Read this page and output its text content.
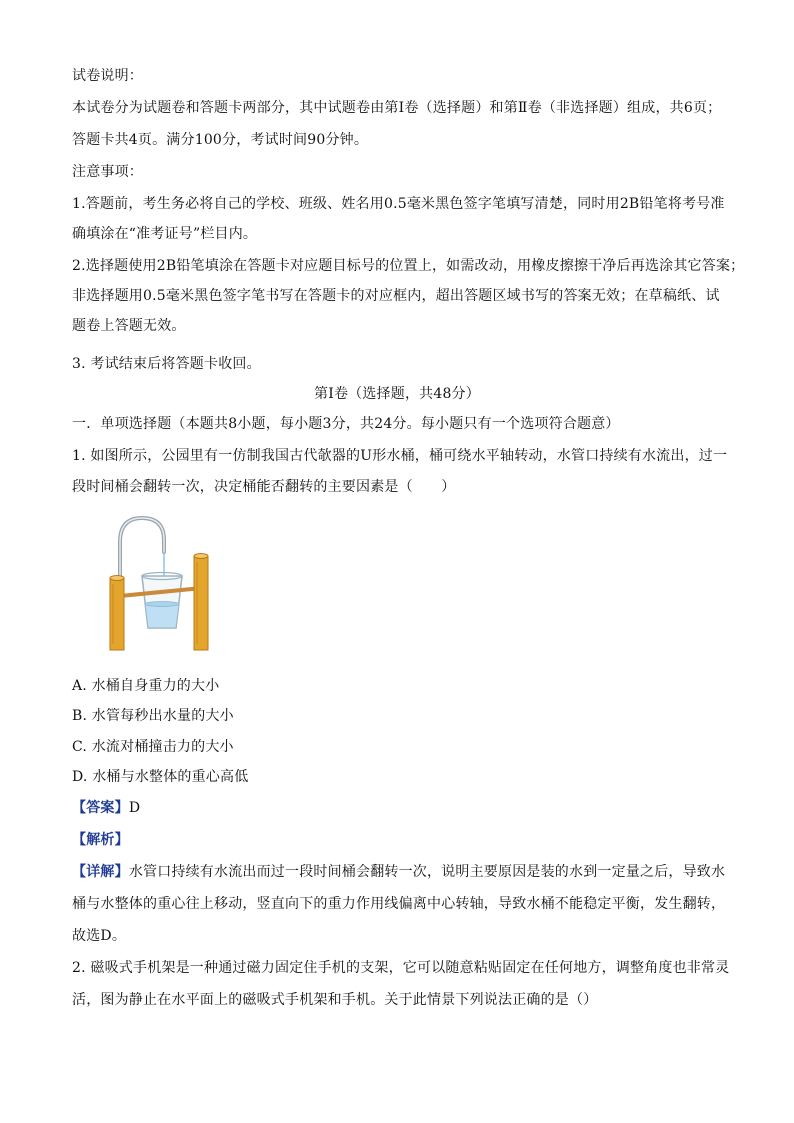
试卷说明：
本试卷分为试题卷和答题卡两部分，其中试题卷由第Ⅰ卷（选择题）和第Ⅱ卷（非选择题）组成，共6页；
答题卡共4页。满分100分，考试时间90分钟。
注意事项：
1.答题前，考生务必将自己的学校、班级、姓名用0.5毫米黑色签字笔填写清楚，同时用2B铅笔将考号准
确填涂在“准考证号”栏目内。
2.选择题使用2B铅笔填涂在答题卡对应题目标号的位置上，如需改动，用橡皮擦擦干净后再选涂其它答案；
非选择题用0.5毫米黑色签字笔书写在答题卡的对应框内，超出答题区域书写的答案无效；在草稿纸、试
题卷上答题无效。
3. 考试结束后将答题卡收回。
第Ⅰ卷（选择题，共48分）
一．单项选择题（本题共8小题，每小题3分，共24分。每小题只有一个选项符合题意）
1. 如图所示，公园里有一仿制我国古代欹器的U形水桶，桶可绕水平轴转动，水管口持续有水流出，过一
段时间桶会翻转一次，决定桶能否翻转的主要因素是（　　）
A. 水桶自身重力的大小
B. 水管每秒出水量的大小
C. 水流对桶撞击力的大小
D. 水桶与水整体的重心高低
【答案】D
【解析】
【详解】水管口持续有水流出而过一段时间桶会翻转一次，说明主要原因是装的水到一定量之后，导致水
桶与水整体的重心往上移动，竖直向下的重力作用线偏离中心转轴，导致水桶不能稳定平衡，发生翻转，
故选D。
2. 磁吸式手机架是一种通过磁力固定住手机的支架，它可以随意粘贴固定在任何地方，调整角度也非常灵
活，图为静止在水平面上的磁吸式手机架和手机。关于此情景下列说法正确的是（）
